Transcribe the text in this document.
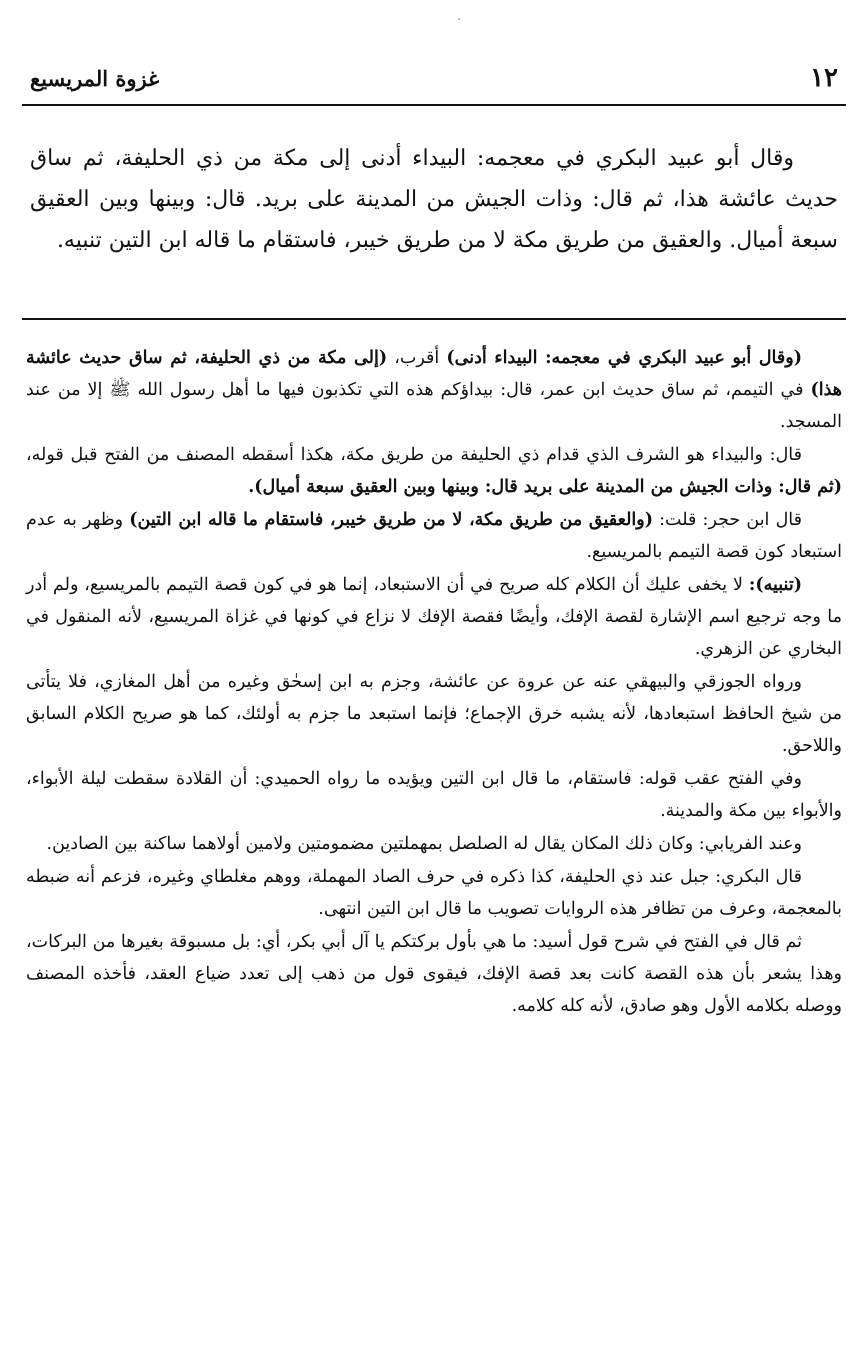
١٢
غزوة المريسيع

وقال أبو عبيد البكري في معجمه: البيداء أدنى إلى مكة من ذي الحليفة، ثم ساق حديث عائشة هذا، ثم قال: وذات الجيش من المدينة على بريد. قال: وبينها وبين العقيق سبعة أميال. والعقيق من طريق مكة لا من طريق خيبر، فاستقام ما قاله ابن التين تنبيه.

(وقال أبو عبيد البكري في معجمه: البيداء أدنى) أقرب، (إلى مكة من ذي الحليفة، ثم ساق حديث عائشة هذا) في التيمم، ثم ساق حديث ابن عمر، قال: بيداؤكم هذه التي تكذبون فيها ما أهل رسول الله ﷺ إلا من عند المسجد.

قال: والبيداء هو الشرف الذي قدام ذي الحليفة من طريق مكة، هكذا أسقطه المصنف من الفتح قبل قوله، (ثم قال: وذات الجيش من المدينة على بريد قال: وبينها وبين العقيق سبعة أميال).

قال ابن حجر: قلت: (والعقيق من طريق مكة، لا من طريق خيبر، فاستقام ما قاله ابن التين) وظهر به عدم استبعاد كون قصة التيمم بالمريسيع.

(تنبيه): لا يخفى عليك أن الكلام كله صريح في أن الاستبعاد، إنما هو في كون قصة التيمم بالمريسيع، ولم أدر ما وجه ترجيع اسم الإشارة لقصة الإفك، وأيضًا فقصة الإفك لا نزاع في كونها في غزاة المريسيع، لأنه المنقول في البخاري عن الزهري.

ورواه الجوزقي والبيهقي عنه عن عروة عن عائشة، وجزم به ابن إسحٰق وغيره من أهل المغازي، فلا يتأتى من شيخ الحافظ استبعادها، لأنه يشبه خرق الإجماع؛ فإنما استبعد ما جزم به أولئك، كما هو صريح الكلام السابق واللاحق.

وفي الفتح عقب قوله: فاستقام، ما قال ابن التين ويؤيده ما رواه الحميدي: أن القلادة سقطت ليلة الأبواء، والأبواء بين مكة والمدينة.

وعند الفريابي: وكان ذلك المكان يقال له الصلصل بمهملتين مضمومتين ولامين أولاهما ساكنة بين الصادين.

قال البكري: جبل عند ذي الحليفة، كذا ذكره في حرف الصاد المهملة، ووهم مغلطاي وغيره، فزعم أنه ضبطه بالمعجمة، وعرف من تظافر هذه الروايات تصويب ما قال ابن التين انتهى.

ثم قال في الفتح في شرح قول أسيد: ما هي بأول بركتكم يا آل أبي بكر، أي: بل مسبوقة بغيرها من البركات، وهذا يشعر بأن هذه القصة كانت بعد قصة الإفك، فيقوى قول من ذهب إلى تعدد ضياع العقد، فأخذه المصنف ووصله بكلامه الأول وهو صادق، لأنه كله كلامه.
